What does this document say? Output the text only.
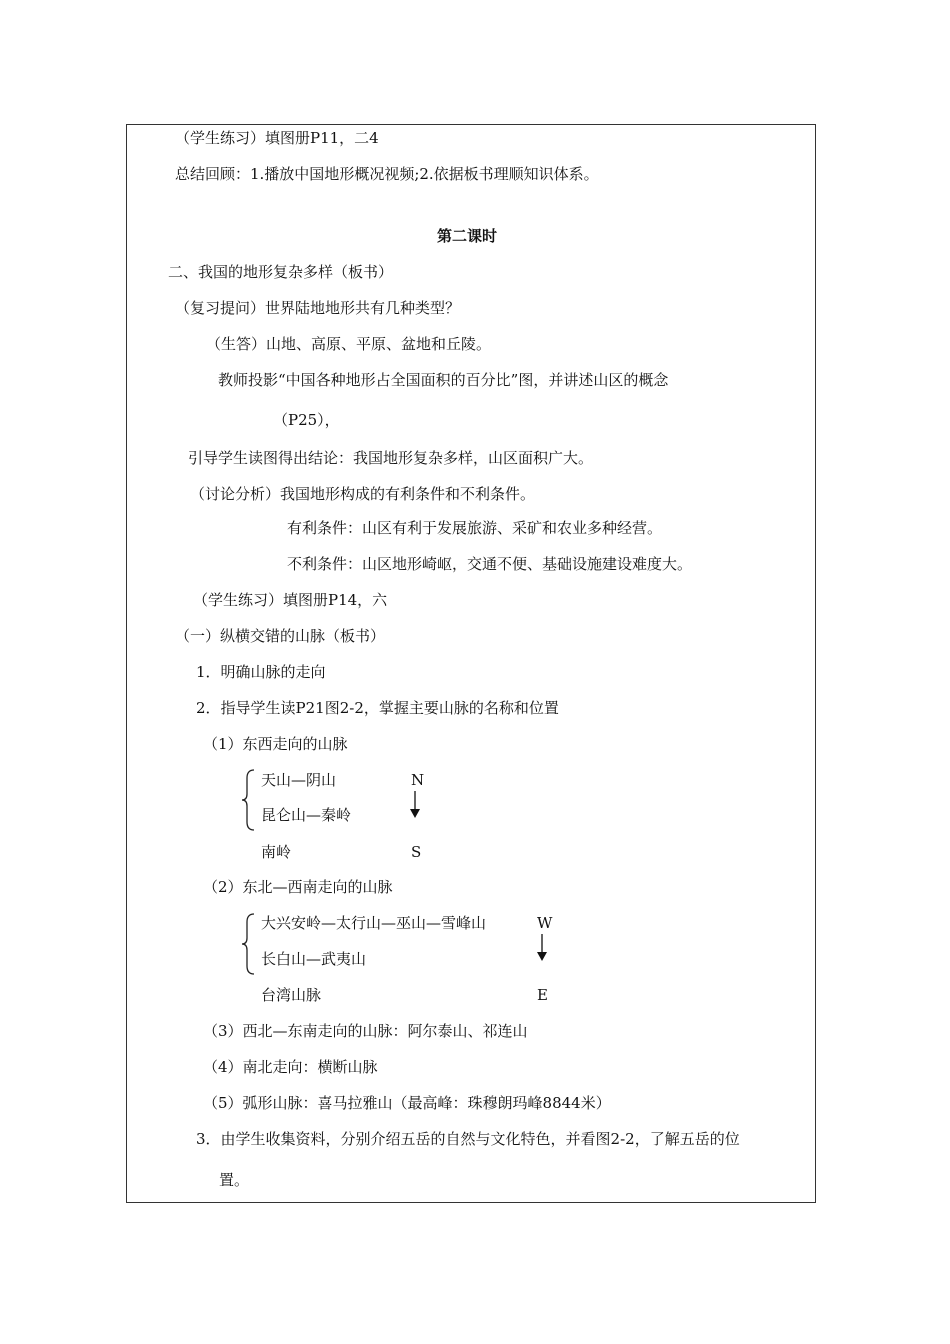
（学生练习）填图册P11，二4
总结回顾：1.播放中国地形概况视频;2.依据板书理顺知识体系。
第二课时
二、我国的地形复杂多样（板书）
（复习提问）世界陆地地形共有几种类型？
（生答）山地、高原、平原、盆地和丘陵。
教师投影“中国各种地形占全国面积的百分比”图，并讲述山区的概念
（P25），
引导学生读图得出结论：我国地形复杂多样，山区面积广大。
（讨论分析）我国地形构成的有利条件和不利条件。
有利条件：山区有利于发展旅游、采矿和农业多种经营。
不利条件：山区地形崎岖，交通不便、基础设施建设难度大。
（学生练习）填图册P14，六
（一）纵横交错的山脉（板书）
1．明确山脉的走向
2．指导学生读P21图2-2，掌握主要山脉的名称和位置
（1）东西走向的山脉
天山—阴山
昆仑山—秦岭
南岭
N
S
（2）东北—西南走向的山脉
大兴安岭—太行山—巫山—雪峰山
长白山—武夷山
台湾山脉
W
E
（3）西北—东南走向的山脉：阿尔泰山、祁连山
（4）南北走向：横断山脉
（5）弧形山脉：喜马拉雅山（最高峰：珠穆朗玛峰8844米）
3．由学生收集资料，分别介绍五岳的自然与文化特色，并看图2-2，了解五岳的位
置。
